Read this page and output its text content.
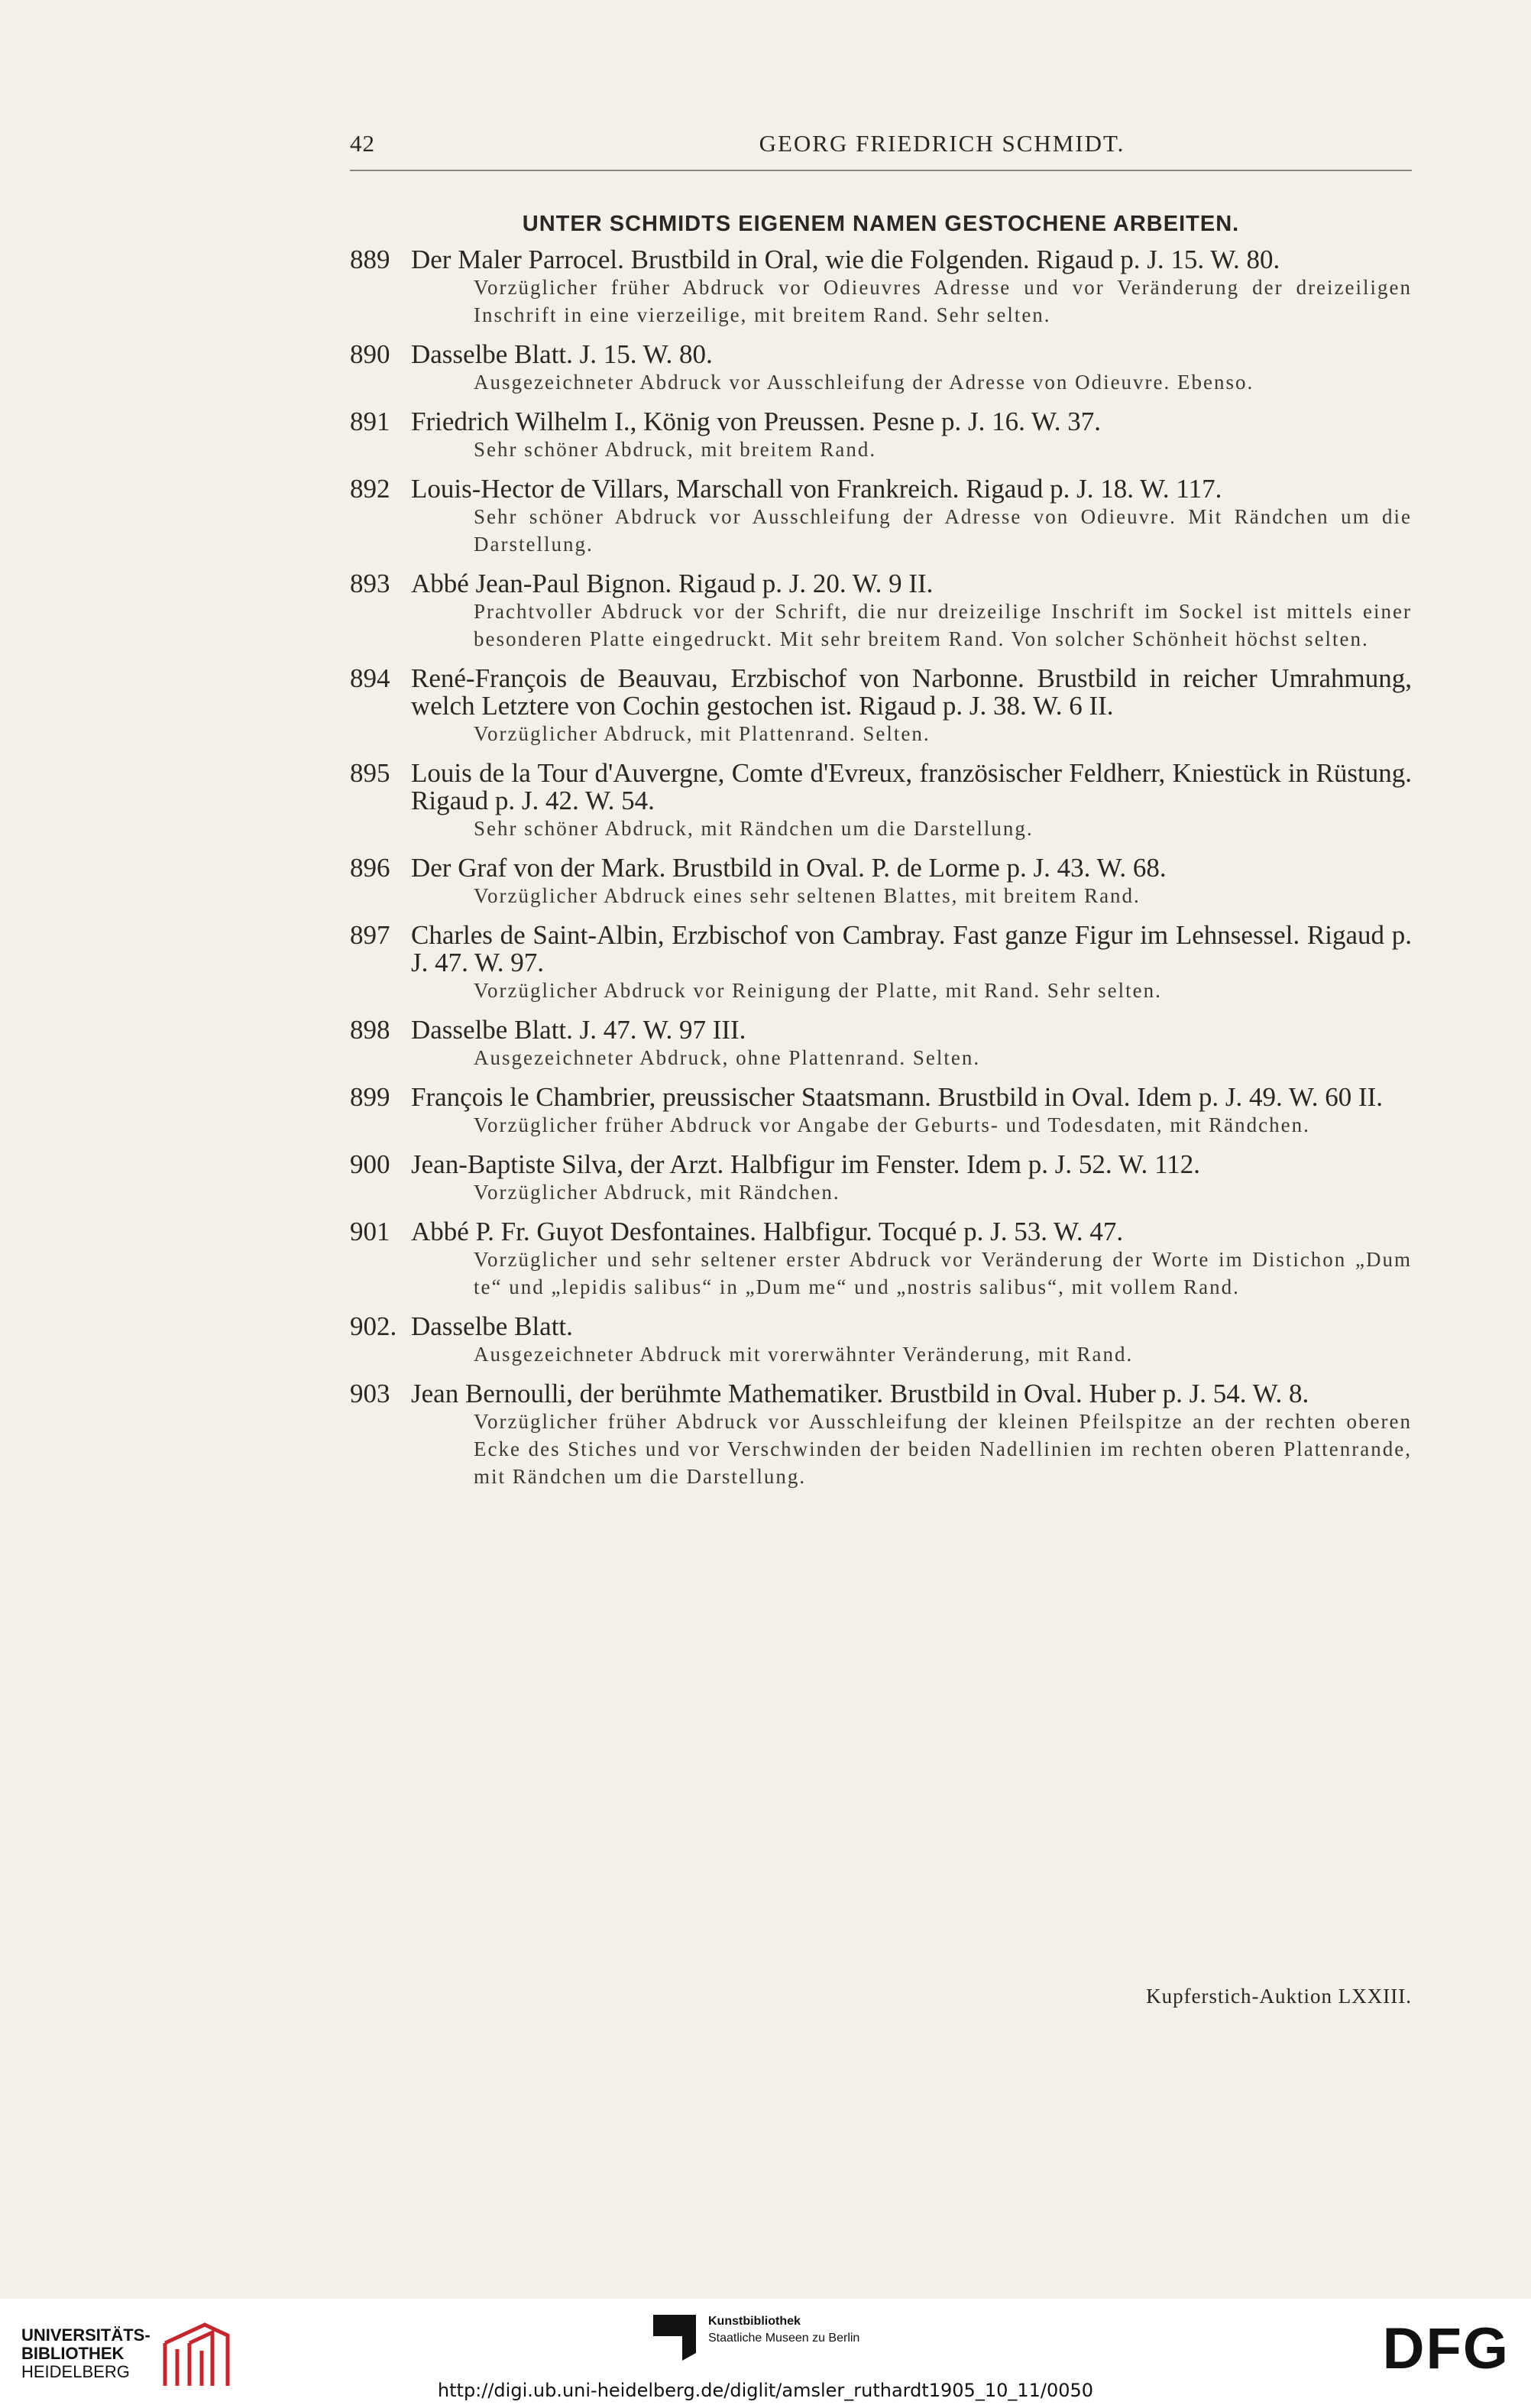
42	GEORG FRIEDRICH SCHMIDT.
UNTER SCHMIDTS EIGENEM NAMEN GESTOCHENE ARBEITEN.
889 Der Maler Parrocel. Brustbild in Oral, wie die Folgenden. Rigaud p. J. 15. W. 80.
Vorzüglicher früher Abdruck vor Odieuvres Adresse und vor Veränderung der dreizeiligen Inschrift in eine vierzeilige, mit breitem Rand. Sehr selten.
890 Dasselbe Blatt. J. 15. W. 80.
Ausgezeichneter Abdruck vor Ausschleifung der Adresse von Odieuvre. Ebenso.
891 Friedrich Wilhelm I., König von Preussen. Pesne p. J. 16. W. 37.
Sehr schöner Abdruck, mit breitem Rand.
892 Louis-Hector de Villars, Marschall von Frankreich. Rigaud p. J. 18. W. 117.
Sehr schöner Abdruck vor Ausschleifung der Adresse von Odieuvre. Mit Rändchen um die Darstellung.
893 Abbé Jean-Paul Bignon. Rigaud p. J. 20. W. 9 II.
Prachtvoller Abdruck vor der Schrift, die nur dreizeilige Inschrift im Sockel ist mittels einer besonderen Platte eingedruckt. Mit sehr breitem Rand. Von solcher Schönheit höchst selten.
894 René-François de Beauvau, Erzbischof von Narbonne. Brustbild in reicher Umrahmung, welch Letztere von Cochin gestochen ist. Rigaud p. J. 38. W. 6 II.
Vorzüglicher Abdruck, mit Plattenrand. Selten.
895 Louis de la Tour d'Auvergne, Comte d'Evreux, französischer Feldherr, Kniestück in Rüstung. Rigaud p. J. 42. W. 54.
Sehr schöner Abdruck, mit Rändchen um die Darstellung.
896 Der Graf von der Mark. Brustbild in Oval. P. de Lorme p. J. 43. W. 68.
Vorzüglicher Abdruck eines sehr seltenen Blattes, mit breitem Rand.
897 Charles de Saint-Albin, Erzbischof von Cambray. Fast ganze Figur im Lehnsessel. Rigaud p. J. 47. W. 97.
Vorzüglicher Abdruck vor Reinigung der Platte, mit Rand. Sehr selten.
898 Dasselbe Blatt. J. 47. W. 97 III.
Ausgezeichneter Abdruck, ohne Plattenrand. Selten.
899 François le Chambrier, preussischer Staatsmann. Brustbild in Oval. Idem p. J. 49. W. 60 II.
Vorzüglicher früher Abdruck vor Angabe der Geburts- und Todesdaten, mit Rändchen.
900 Jean-Baptiste Silva, der Arzt. Halbfigur im Fenster. Idem p. J. 52. W. 112.
Vorzüglicher Abdruck, mit Rändchen.
901 Abbé P. Fr. Guyot Desfontaines. Halbfigur. Tocqué p. J. 53. W. 47.
Vorzüglicher und sehr seltener erster Abdruck vor Veränderung der Worte im Distichon „Dum te“ und „lepidis salibus“ in „Dum me“ und „nostris salibus“, mit vollem Rand.
902. Dasselbe Blatt.
Ausgezeichneter Abdruck mit vorerwähnter Veränderung, mit Rand.
903 Jean Bernoulli, der berühmte Mathematiker. Brustbild in Oval. Huber p. J. 54. W. 8.
Vorzüglicher früher Abdruck vor Ausschleifung der kleinen Pfeilspitze an der rechten oberen Ecke des Stiches und vor Verschwinden der beiden Nadellinien im rechten oberen Plattenrande, mit Rändchen um die Darstellung.
Kupferstich-Auktion LXXIII.
UNIVERSITÄTS-
BIBLIOTHEK
HEIDELBERG
Kunstbibliothek
Staatliche Museen zu Berlin	DFG
http://digi.ub.uni-heidelberg.de/diglit/amsler_ruthardt1905_10_11/0050
